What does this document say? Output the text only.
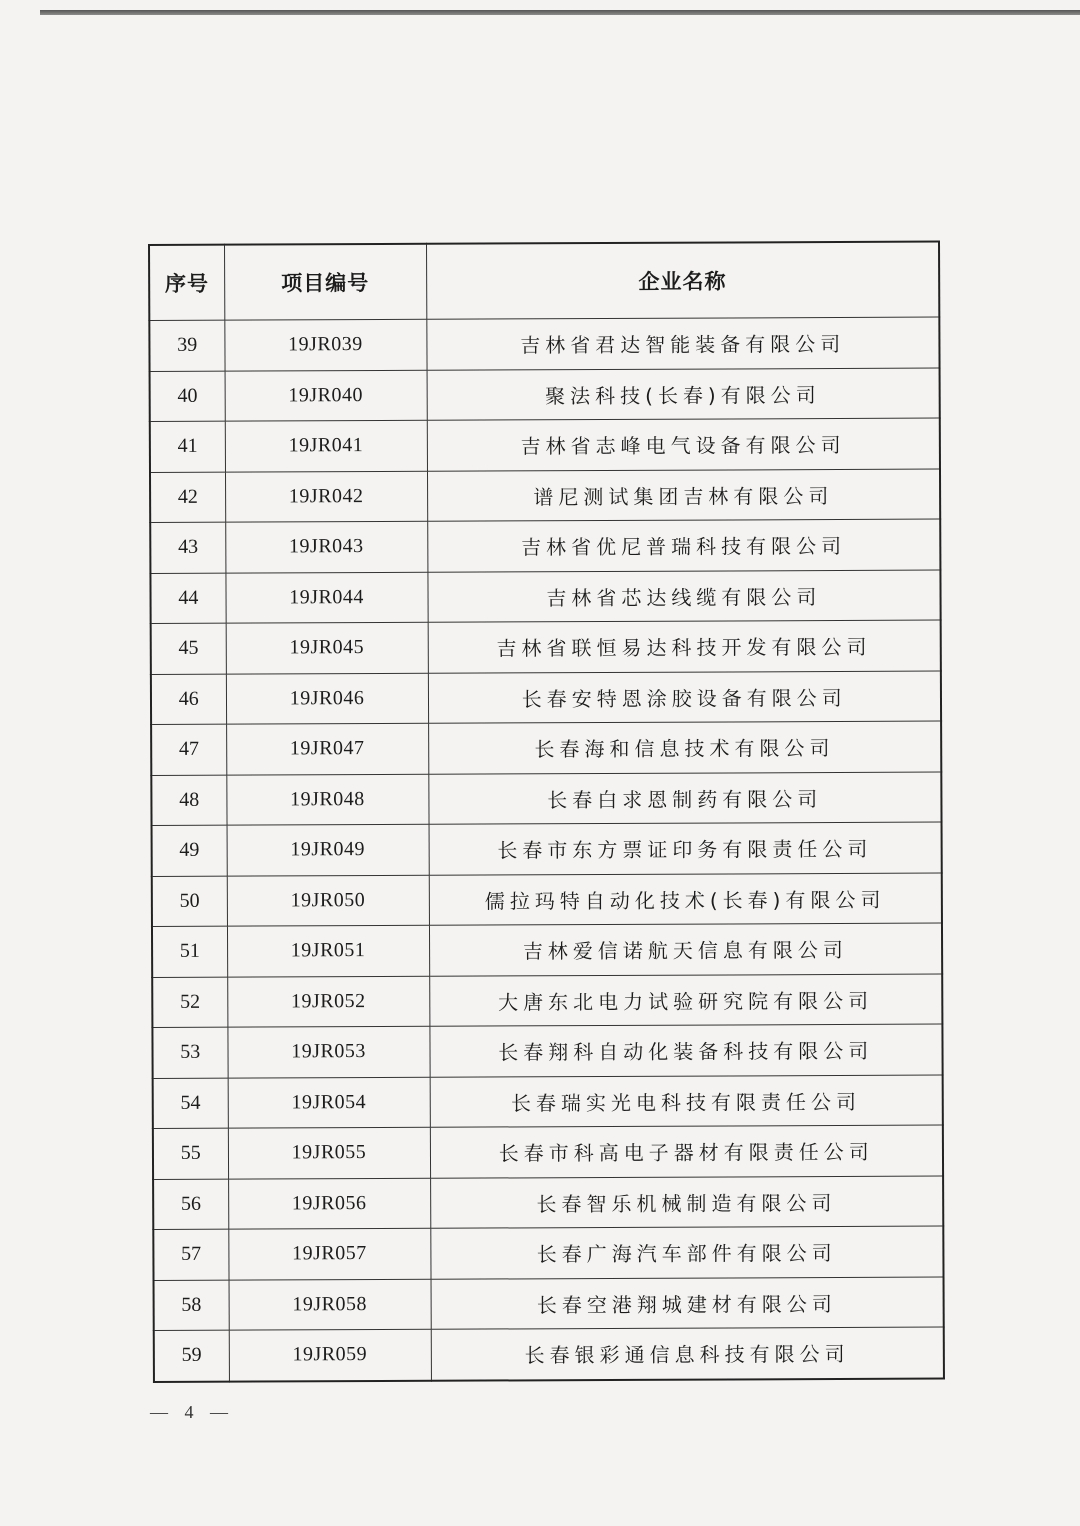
序号	项目编号	企业名称
39	19JR039	吉林省君达智能装备有限公司
40	19JR040	聚法科技(长春)有限公司
41	19JR041	吉林省志峰电气设备有限公司
42	19JR042	谱尼测试集团吉林有限公司
43	19JR043	吉林省优尼普瑞科技有限公司
44	19JR044	吉林省芯达线缆有限公司
45	19JR045	吉林省联恒易达科技开发有限公司
46	19JR046	长春安特恩涂胶设备有限公司
47	19JR047	长春海和信息技术有限公司
48	19JR048	长春白求恩制药有限公司
49	19JR049	长春市东方票证印务有限责任公司
50	19JR050	儒拉玛特自动化技术(长春)有限公司
51	19JR051	吉林爱信诺航天信息有限公司
52	19JR052	大唐东北电力试验研究院有限公司
53	19JR053	长春翔科自动化装备科技有限公司
54	19JR054	长春瑞实光电科技有限责任公司
55	19JR055	长春市科高电子器材有限责任公司
56	19JR056	长春智乐机械制造有限公司
57	19JR057	长春广海汽车部件有限公司
58	19JR058	长春空港翔城建材有限公司
59	19JR059	长春银彩通信息科技有限公司
— 4 —
